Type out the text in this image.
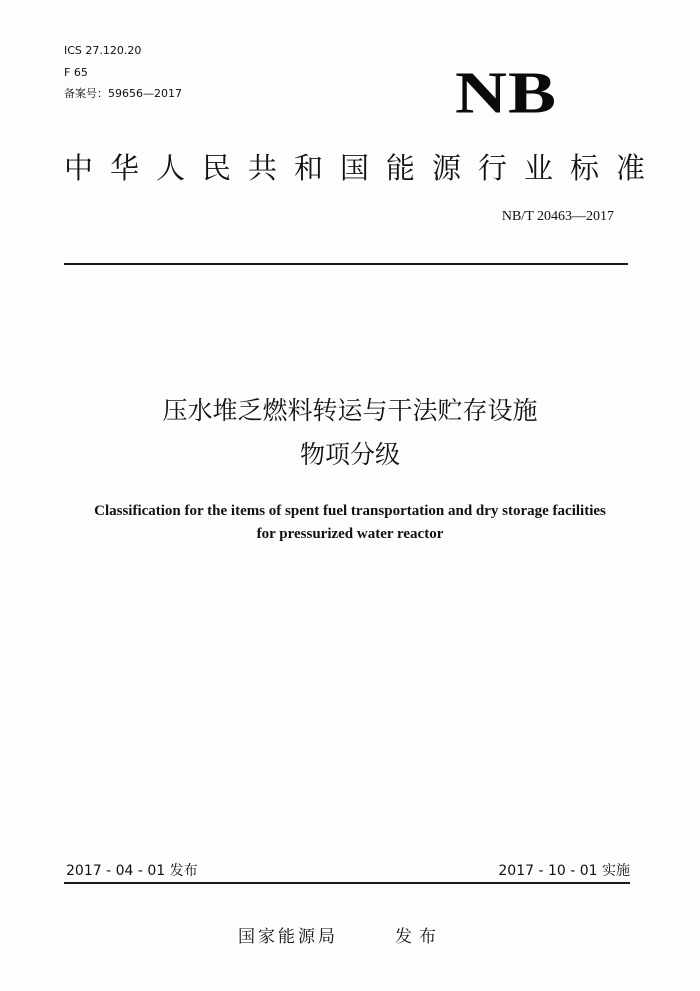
ICS 27.120.20
F 65
备案号：59656—2017	NB
中华人民共和国能源行业标准
NB/T 20463—2017
压水堆乏燃料转运与干法贮存设施
物项分级
Classification for the items of spent fuel transportation and dry storage facilities
for pressurized water reactor
2017 - 04 - 01 发布	2017 - 10 - 01 实施
国家能源局	发布
